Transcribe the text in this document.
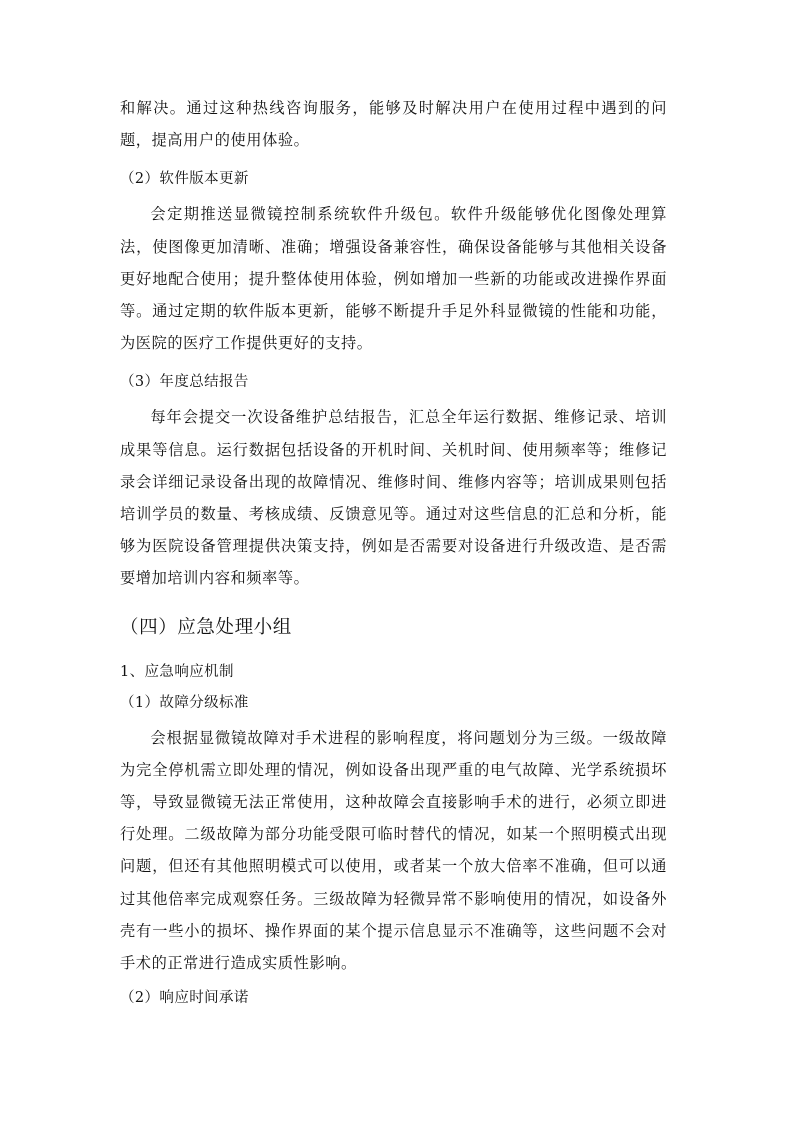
和解决。通过这种热线咨询服务，能够及时解决用户在使用过程中遇到的问题，提高用户的使用体验。

（2）软件版本更新

会定期推送显微镜控制系统软件升级包。软件升级能够优化图像处理算法，使图像更加清晰、准确；增强设备兼容性，确保设备能够与其他相关设备更好地配合使用；提升整体使用体验，例如增加一些新的功能或改进操作界面等。通过定期的软件版本更新，能够不断提升手足外科显微镜的性能和功能，为医院的医疗工作提供更好的支持。

（3）年度总结报告

每年会提交一次设备维护总结报告，汇总全年运行数据、维修记录、培训成果等信息。运行数据包括设备的开机时间、关机时间、使用频率等；维修记录会详细记录设备出现的故障情况、维修时间、维修内容等；培训成果则包括培训学员的数量、考核成绩、反馈意见等。通过对这些信息的汇总和分析，能够为医院设备管理提供决策支持，例如是否需要对设备进行升级改造、是否需要增加培训内容和频率等。

（四）应急处理小组

1、应急响应机制

（1）故障分级标准

会根据显微镜故障对手术进程的影响程度，将问题划分为三级。一级故障为完全停机需立即处理的情况，例如设备出现严重的电气故障、光学系统损坏等，导致显微镜无法正常使用，这种故障会直接影响手术的进行，必须立即进行处理。二级故障为部分功能受限可临时替代的情况，如某一个照明模式出现问题，但还有其他照明模式可以使用，或者某一个放大倍率不准确，但可以通过其他倍率完成观察任务。三级故障为轻微异常不影响使用的情况，如设备外壳有一些小的损坏、操作界面的某个提示信息显示不准确等，这些问题不会对手术的正常进行造成实质性影响。

（2）响应时间承诺
